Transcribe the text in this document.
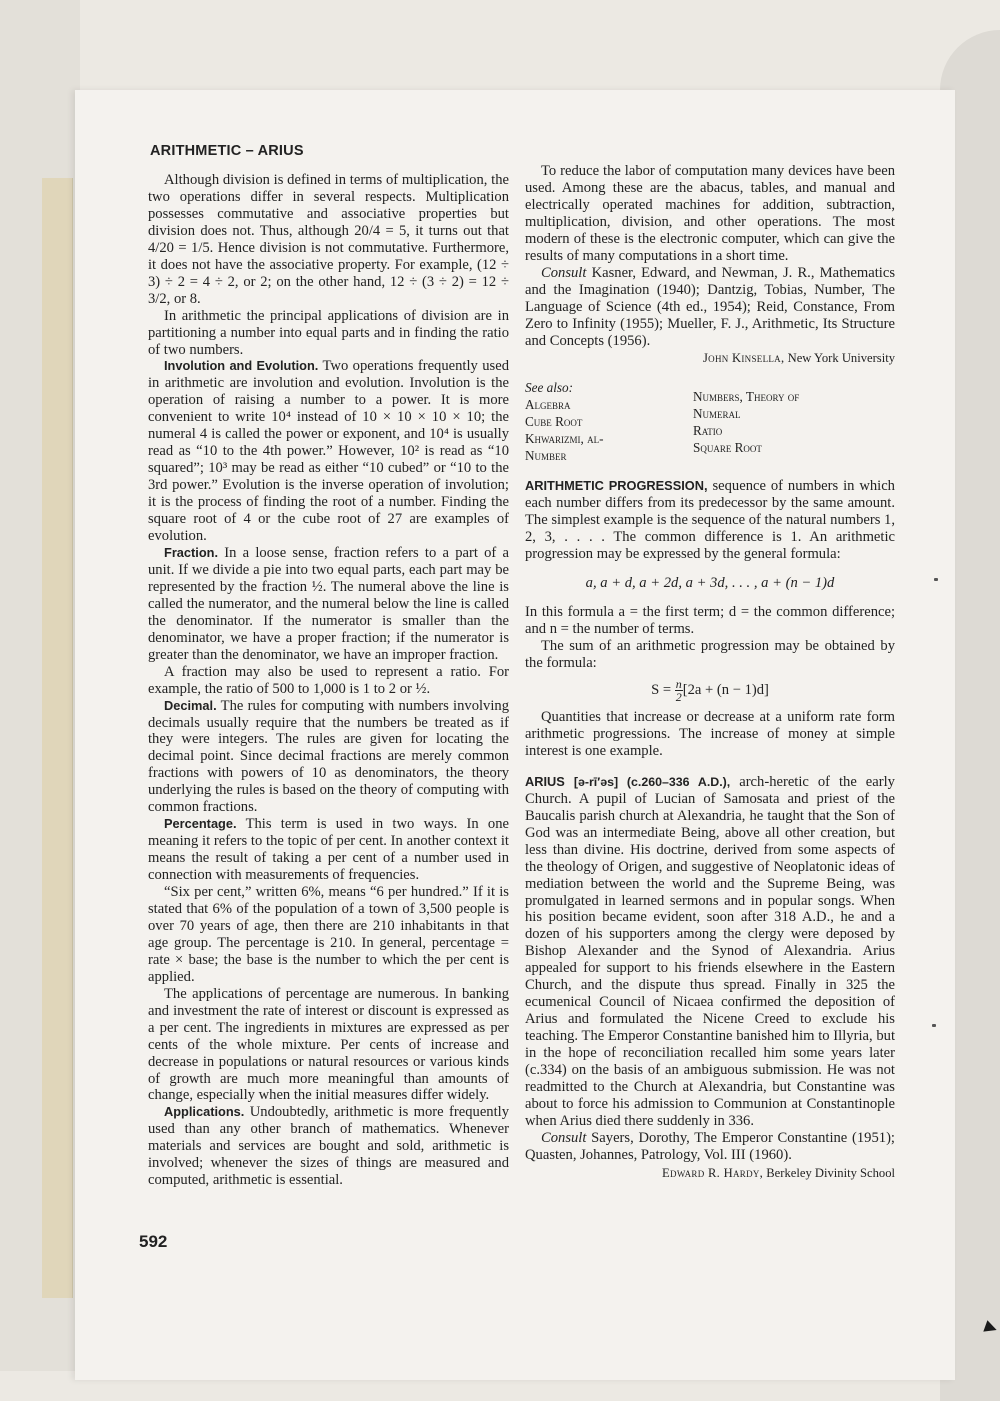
ARITHMETIC – ARIUS

Although division is defined in terms of multiplication, the two operations differ in several respects. Multiplication possesses commutative and associative properties but division does not. Thus, although 20/4 = 5, it turns out that 4/20 = 1/5. Hence division is not commutative. Furthermore, it does not have the associative property. For example, (12 ÷ 3) ÷ 2 = 4 ÷ 2, or 2; on the other hand, 12 ÷ (3 ÷ 2) = 12 ÷ 3/2, or 8.

In arithmetic the principal applications of division are in partitioning a number into equal parts and in finding the ratio of two numbers.

Involution and Evolution. Two operations frequently used in arithmetic are involution and evolution. Involution is the operation of raising a number to a power. It is more convenient to write 10⁴ instead of 10 × 10 × 10 × 10; the numeral 4 is called the power or exponent, and 10⁴ is usually read as “10 to the 4th power.” However, 10² is read as “10 squared”; 10³ may be read as either “10 cubed” or “10 to the 3rd power.” Evolution is the inverse operation of involution; it is the process of finding the root of a number. Finding the square root of 4 or the cube root of 27 are examples of evolution.

Fraction. In a loose sense, fraction refers to a part of a unit. If we divide a pie into two equal parts, each part may be represented by the fraction ½. The numeral above the line is called the numerator, and the numeral below the line is called the denominator. If the numerator is smaller than the denominator, we have a proper fraction; if the numerator is greater than the denominator, we have an improper fraction.

A fraction may also be used to represent a ratio. For example, the ratio of 500 to 1,000 is 1 to 2 or ½.

Decimal. The rules for computing with numbers involving decimals usually require that the numbers be treated as if they were integers. The rules are given for locating the decimal point. Since decimal fractions are merely common fractions with powers of 10 as denominators, the theory underlying the rules is based on the theory of computing with common fractions.

Percentage. This term is used in two ways. In one meaning it refers to the topic of per cent. In another context it means the result of taking a per cent of a number used in connection with measurements of frequencies.

“Six per cent,” written 6%, means “6 per hundred.” If it is stated that 6% of the population of a town of 3,500 people is over 70 years of age, then there are 210 inhabitants in that age group. The percentage is 210. In general, percentage = rate × base; the base is the number to which the per cent is applied.

The applications of percentage are numerous. In banking and investment the rate of interest or discount is expressed as a per cent. The ingredients in mixtures are expressed as per cents of the whole mixture. Per cents of increase and decrease in populations or natural resources or various kinds of growth are much more meaningful than amounts of change, especially when the initial measures differ widely.

Applications. Undoubtedly, arithmetic is more frequently used than any other branch of mathematics. Whenever materials and services are bought and sold, arithmetic is involved; whenever the sizes of things are measured and computed, arithmetic is essential.

To reduce the labor of computation many devices have been used. Among these are the abacus, tables, and manual and electrically operated machines for addition, subtraction, multiplication, division, and other operations. The most modern of these is the electronic computer, which can give the results of many computations in a short time.

Consult Kasner, Edward, and Newman, J. R., Mathematics and the Imagination (1940); Dantzig, Tobias, Number, The Language of Science (4th ed., 1954); Reid, Constance, From Zero to Infinity (1955); Mueller, F. J., Arithmetic, Its Structure and Concepts (1956).

John Kinsella, New York University
See also:
Algebra
Cube Root
Khwarizmi, al-
Number
Numbers, Theory of
Numeral
Ratio
Square Root

ARITHMETIC PROGRESSION, sequence of numbers in which each number differs from its predecessor by the same amount. The simplest example is the sequence of the natural numbers 1, 2, 3, . . . . The common difference is 1. An arithmetic progression may be expressed by the general formula:

a, a + d, a + 2d, a + 3d, . . . , a + (n − 1)d

In this formula a = the first term; d = the common difference; and n = the number of terms.

The sum of an arithmetic progression may be obtained by the formula:

$S = \frac{n}{2} [2a + (n - 1)d]$

Quantities that increase or decrease at a uniform rate form arithmetic progressions. The increase of money at simple interest is one example.

ARIUS [ə-rī′əs] (c.260–336 A.D.), arch-heretic of the early Church. A pupil of Lucian of Samosata and priest of the Baucalis parish church at Alexandria, he taught that the Son of God was an intermediate Being, above all other creation, but less than divine. His doctrine, derived from some aspects of the theology of Origen, and suggestive of Neoplatonic ideas of mediation between the world and the Supreme Being, was promulgated in learned sermons and in popular songs. When his position became evident, soon after 318 A.D., he and a dozen of his supporters among the clergy were deposed by Bishop Alexander and the Synod of Alexandria. Arius appealed for support to his friends elsewhere in the Eastern Church, and the dispute thus spread. Finally in 325 the ecumenical Council of Nicaea confirmed the deposition of Arius and formulated the Nicene Creed to exclude his teaching. The Emperor Constantine banished him to Illyria, but in the hope of reconciliation recalled him some years later (c.334) on the basis of an ambiguous submission. He was not readmitted to the Church at Alexandria, but Constantine was about to force his admission to Communion at Constantinople when Arius died there suddenly in 336.

Consult Sayers, Dorothy, The Emperor Constantine (1951); Quasten, Johannes, Patrology, Vol. III (1960).

Edward R. Hardy, Berkeley Divinity School
592
